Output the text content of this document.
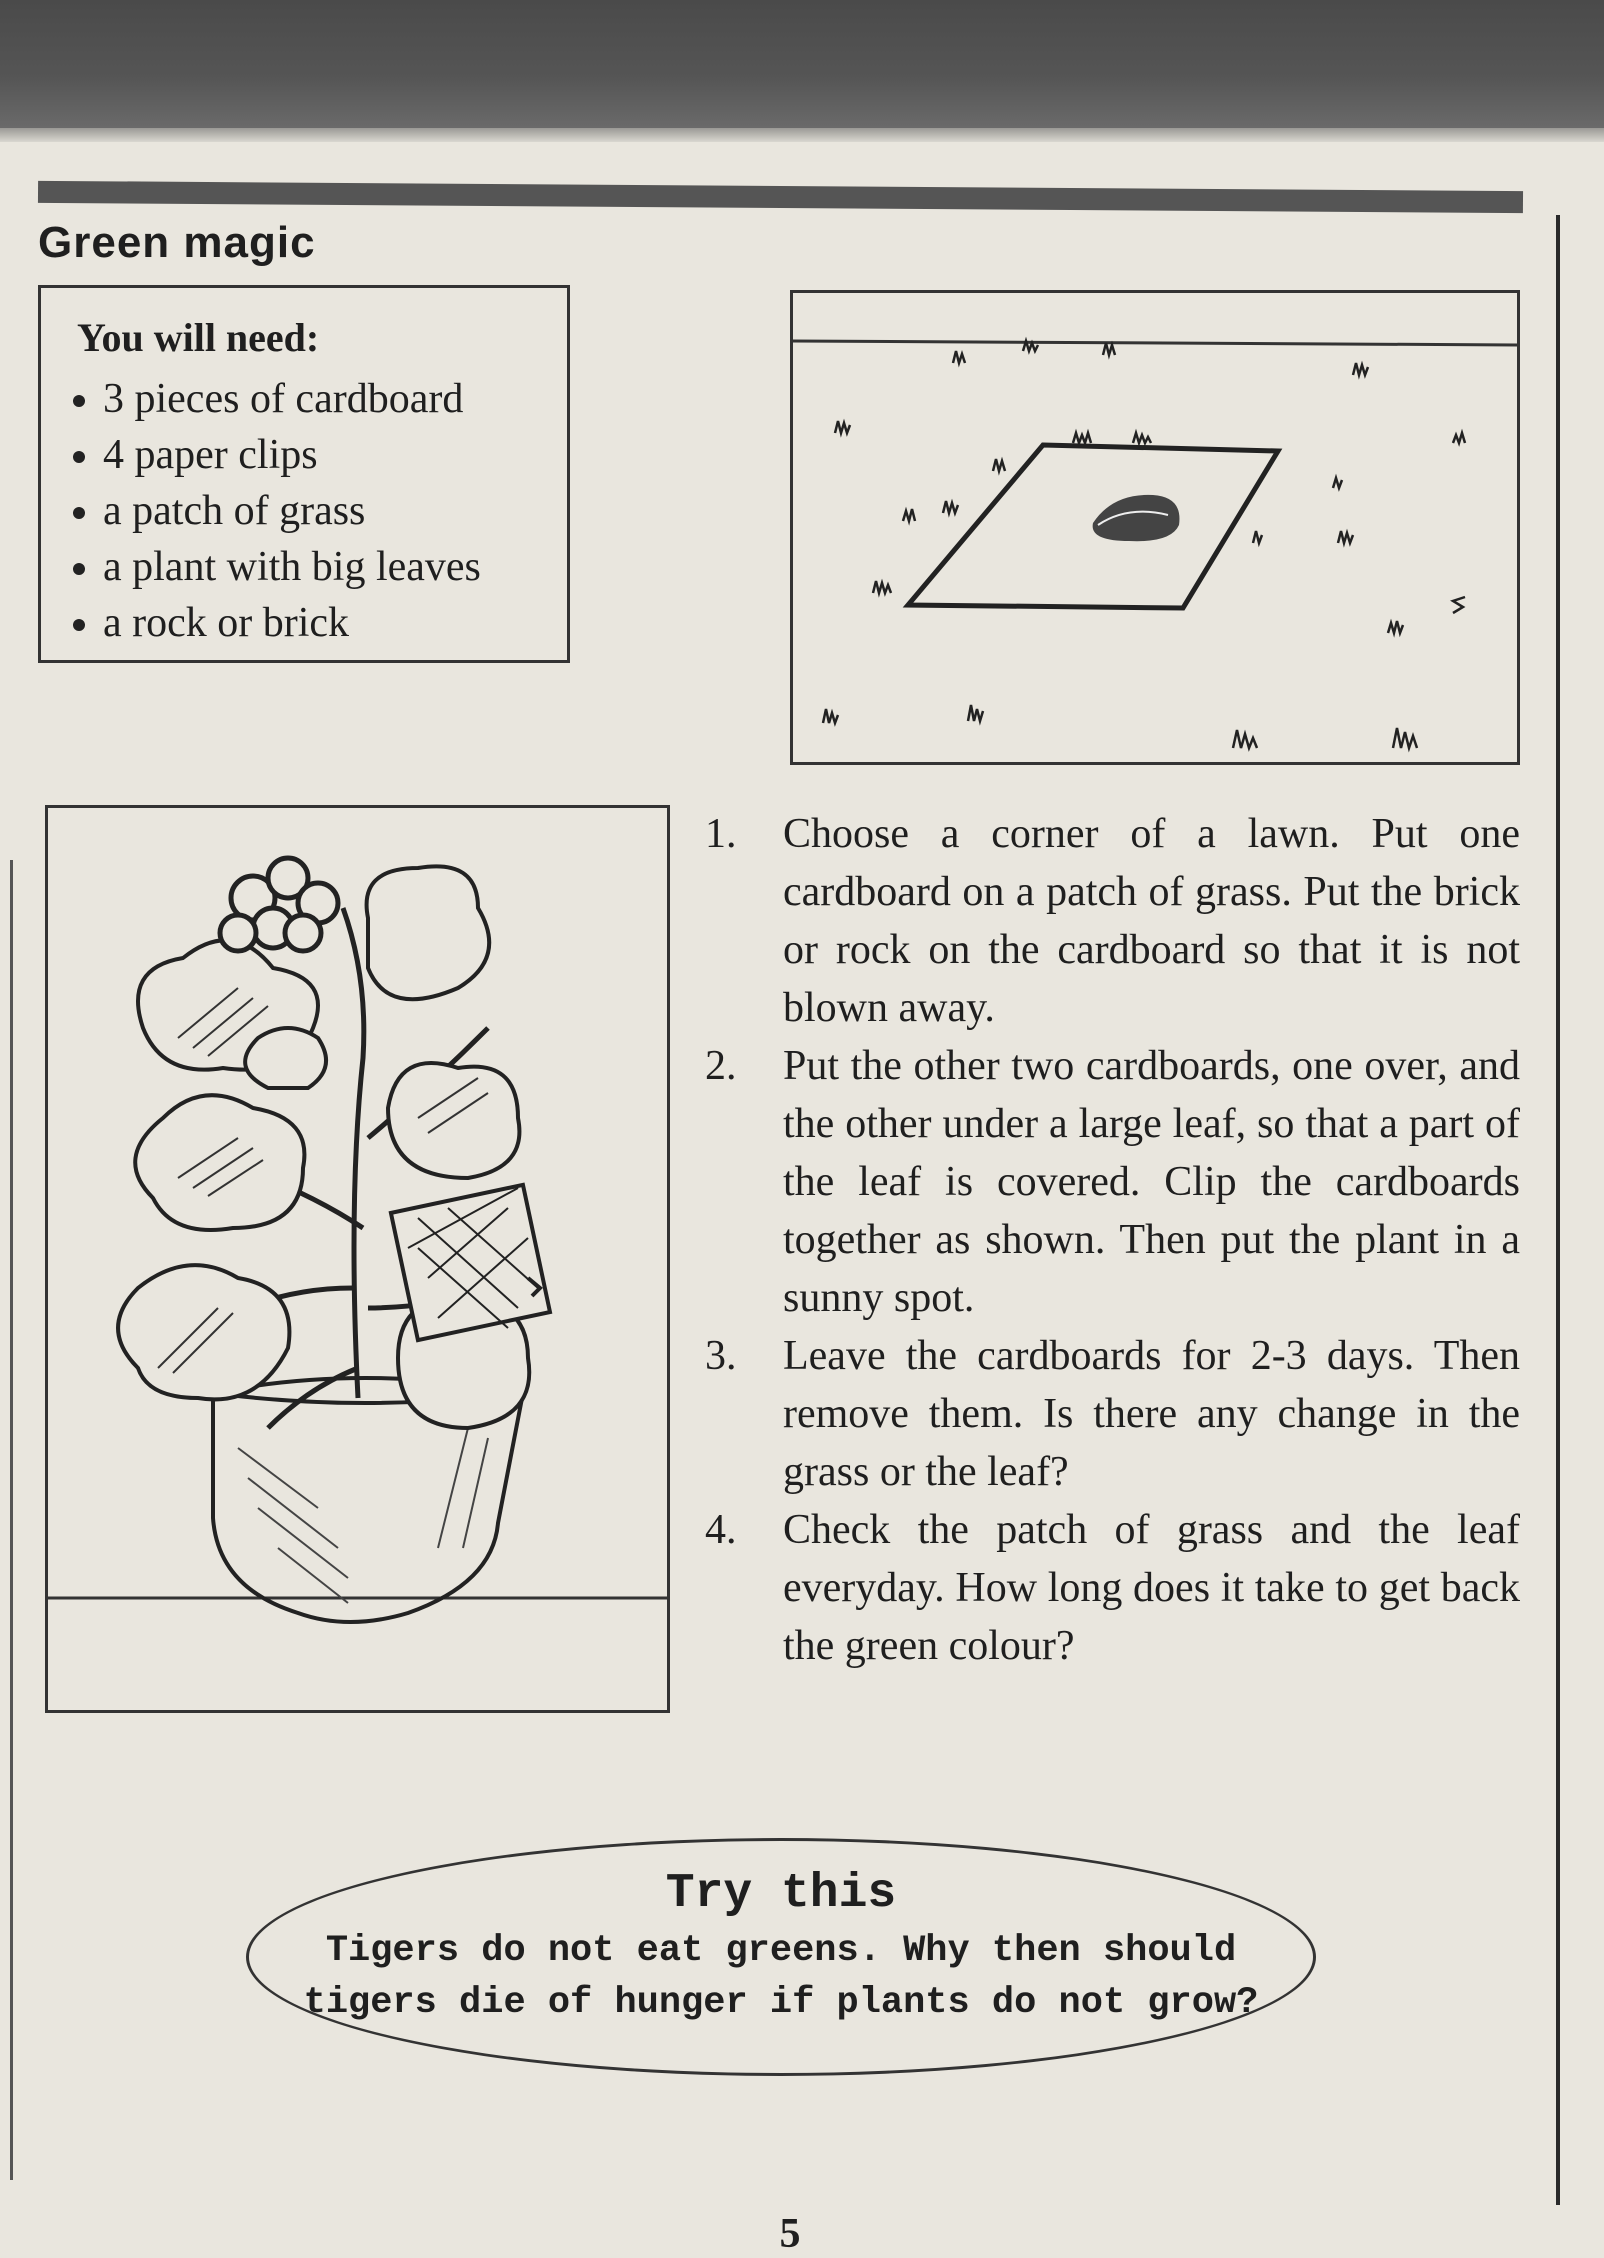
Green magic
You will need:
3 pieces of cardboard
4 paper clips
a patch of grass
a plant with big leaves
a rock or brick
1. Choose a corner of a lawn. Put one cardboard on a patch of grass. Put the brick or rock on the cardboard so that it is not blown away.
2. Put the other two cardboards, one over, and the other under a large leaf, so that a part of the leaf is covered. Clip the cardboards together as shown. Then put the plant in a sunny spot.
3. Leave the cardboards for 2-3 days. Then remove them. Is there any change in the grass or the leaf?
4. Check the patch of grass and the leaf everyday. How long does it take to get back the green colour?
Try this
Tigers do not eat greens. Why then should tigers die of hunger if plants do not grow?
5
